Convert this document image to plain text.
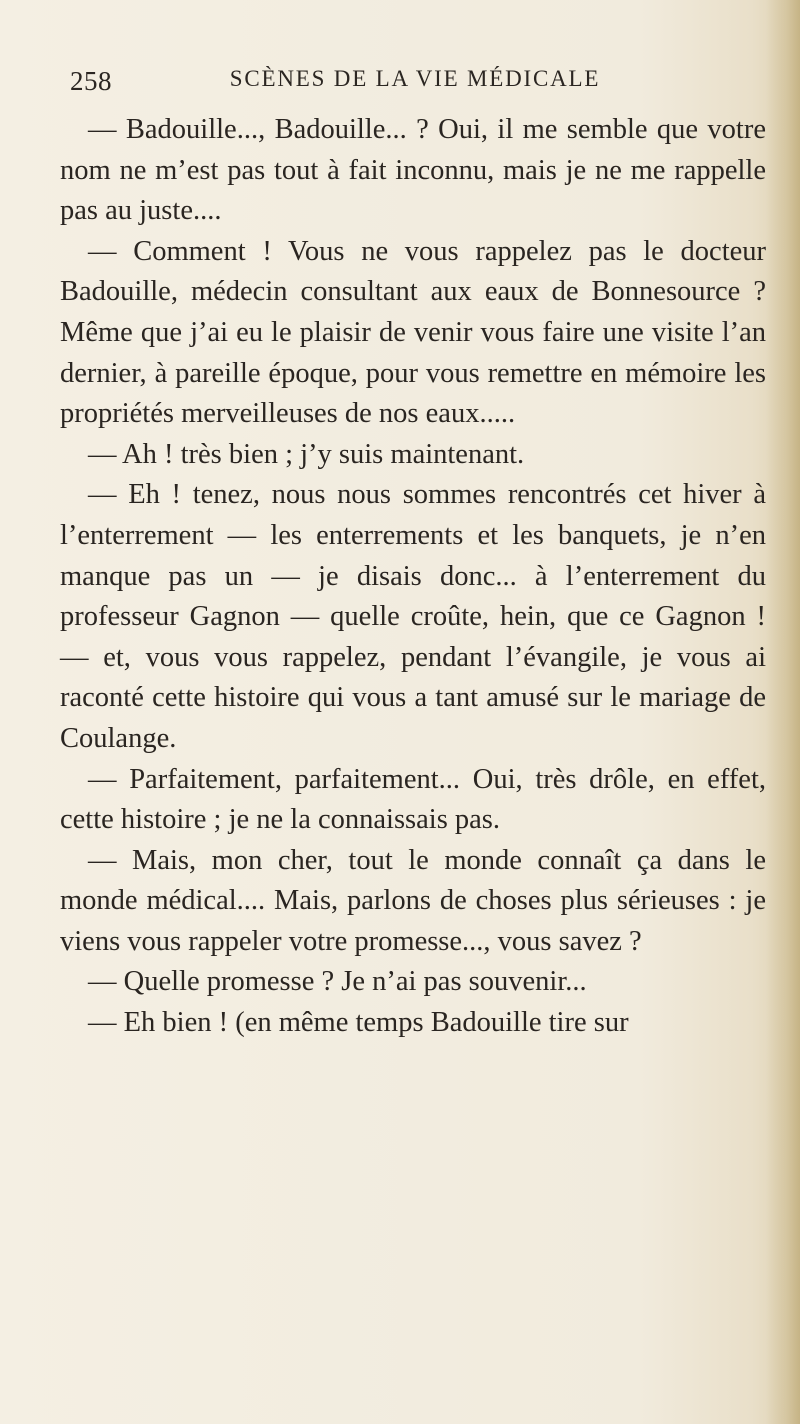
258	SCÈNES DE LA VIE MÉDICALE

— Badouille..., Badouille... ? Oui, il me semble que votre nom ne m’est pas tout à fait inconnu, mais je ne me rappelle pas au juste....

— Comment ! Vous ne vous rappelez pas le docteur Badouille, médecin consultant aux eaux de Bonnesource ? Même que j’ai eu le plaisir de venir vous faire une visite l’an dernier, à pareille époque, pour vous remettre en mémoire les propriétés merveilleuses de nos eaux.....

— Ah ! très bien ; j’y suis maintenant.

— Eh ! tenez, nous nous sommes rencontrés cet hiver à l’enterrement — les enterrements et les banquets, je n’en manque pas un — je disais donc... à l’enterrement du professeur Gagnon — quelle croûte, hein, que ce Gagnon ! — et, vous vous rappelez, pendant l’évangile, je vous ai raconté cette histoire qui vous a tant amusé sur le mariage de Coulange.

— Parfaitement, parfaitement... Oui, très drôle, en effet, cette histoire ; je ne la connaissais pas.

— Mais, mon cher, tout le monde connaît ça dans le monde médical.... Mais, parlons de choses plus sérieuses : je viens vous rappeler votre promesse..., vous savez ?

— Quelle promesse ? Je n’ai pas souvenir...

— Eh bien ! (en même temps Badouille tire sur
